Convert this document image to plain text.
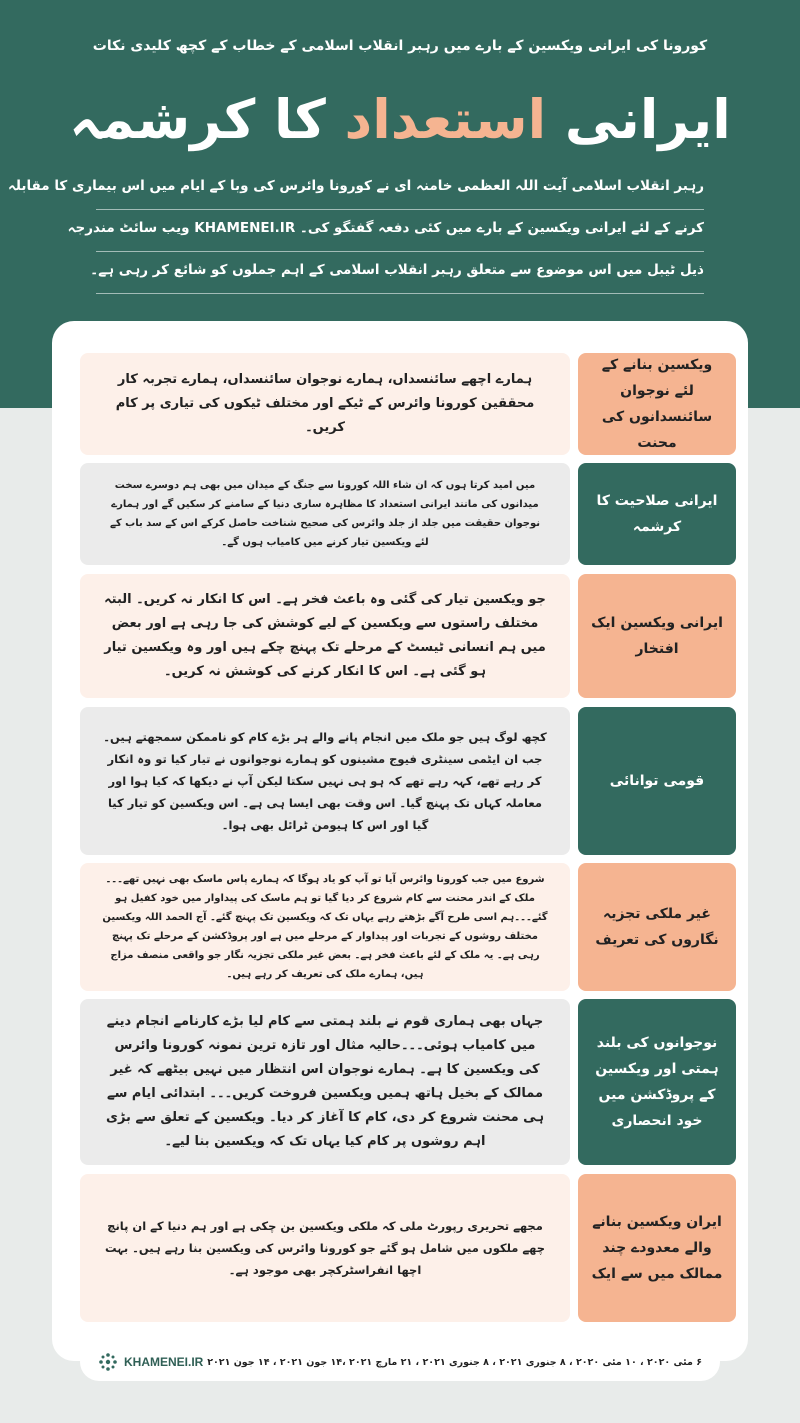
کورونا کی ایرانی ویکسین کے بارے میں رہبر انقلاب اسلامی کے خطاب کے کچھ کلیدی نکات
ایرانی استعداد کا کرشمہ
رہبر انقلاب اسلامی آیت اللہ العظمی خامنہ ای نے کورونا وائرس کی وبا کے ایام میں اس بیماری کا مقابلہ
کرنے کے لئے ایرانی ویکسین کے بارے میں کئی دفعہ گفتگو کی۔ KHAMENEI.IR ویب سائٹ مندرجہ
ذیل ٹیبل میں اس موضوع سے متعلق رہبر انقلاب اسلامی کے اہم جملوں کو شائع کر رہی ہے۔
ویکسین بنانے کے لئے نوجوان سائنسدانوں کی محنت
ہمارے اچھے سائنسداں، ہمارے نوجوان سائنسداں، ہمارے تجربہ کار محققین کورونا وائرس کے ٹیکے اور مختلف ٹیکوں کی تیاری پر کام کریں۔
ایرانی صلاحیت کا کرشمہ
میں امید کرتا ہوں کہ ان شاء اللہ کورونا سے جنگ کے میدان میں بھی ہم دوسرے سخت میدانوں کی مانند ایرانی استعداد کا مظاہرہ ساری دنیا کے سامنے کر سکیں گے اور ہمارے نوجوان حقیقت میں جلد از جلد وائرس کی صحیح شناخت حاصل کرکے اس کے سد باب کے لئے ویکسین تیار کرنے میں کامیاب ہوں گے۔
ایرانی ویکسین ایک افتخار
جو ویکسین تیار کی گئی وہ باعث فخر ہے۔ اس کا انکار نہ کریں۔ البتہ مختلف راستوں سے ویکسین کے لیے کوشش کی جا رہی ہے اور بعض میں ہم انسانی ٹیسٹ کے مرحلے تک پہنچ چکے ہیں اور وہ ویکسین تیار ہو گئی ہے۔ اس کا انکار کرنے کی کوشش نہ کریں۔
قومی توانائی
کچھ لوگ ہیں جو ملک میں انجام پانے والے ہر بڑے کام کو ناممکن سمجھتے ہیں۔ جب ان ایٹمی سینٹری فیوج مشینوں کو ہمارے نوجوانوں نے تیار کیا تو وہ انکار کر رہے تھے، کہہ رہے تھے کہ ہو ہی نہیں سکتا لیکن آپ نے دیکھا کہ کیا ہوا اور معاملہ کہاں تک پہنچ گیا۔ اس وقت بھی ایسا ہی ہے۔ اس ویکسین کو تیار کیا گیا اور اس کا ہیومن ٹرائل بھی ہوا۔
غیر ملکی تجزیہ نگاروں کی تعریف
شروع میں جب کورونا وائرس آیا تو آپ کو یاد ہوگا کہ ہمارے پاس ماسک بھی نہیں تھے۔۔۔ ملک کے اندر محنت سے کام شروع کر دیا گیا تو ہم ماسک کی پیداوار میں خود کفیل ہو گئے۔۔۔ہم اسی طرح آگے بڑھتے رہے یہاں تک کہ ویکسین تک پہنچ گئے۔ آج الحمد اللہ ویکسین مختلف روشوں کے تجربات اور پیداوار کے مرحلے میں ہے اور پروڈکشن کے مرحلے تک پہنچ رہی ہے۔ یہ ملک کے لئے باعث فخر ہے۔ بعض غیر ملکی تجزیہ نگار جو واقعی منصف مزاج ہیں، ہمارے ملک کی تعریف کر رہے ہیں۔
نوجوانوں کی بلند ہمتی اور ویکسین کے پروڈکشن میں خود انحصاری
جہاں بھی ہماری قوم نے بلند ہمتی سے کام لیا بڑے کارنامے انجام دینے میں کامیاب ہوئی۔۔۔حالیہ مثال اور تازہ ترین نمونہ کورونا وائرس کی ویکسین کا ہے۔ ہمارے نوجوان اس انتظار میں نہیں بیٹھے کہ غیر ممالک کے بخیل ہاتھ ہمیں ویکسین فروخت کریں۔۔۔ ابتدائی ایام سے ہی محنت شروع کر دی، کام کا آغاز کر دیا۔ ویکسین کے تعلق سے بڑی اہم روشوں پر کام کیا یہاں تک کہ ویکسین بنا لیے۔
ایران ویکسین بنانے والے معدودے چند ممالک میں سے ایک
مجھے تحریری رپورٹ ملی کہ ملکی ویکسین بن چکی ہے اور ہم دنیا کے ان پانچ چھے ملکوں میں شامل ہو گئے جو کورونا وائرس کی ویکسین بنا رہے ہیں۔ بہت اچھا انفراسٹرکچر بھی موجود ہے۔
۶ مئی ۲۰۲۰ ، ۱۰ مئی ۲۰۲۰ ، ۸ جنوری ۲۰۲۱ ، ۸ جنوری ۲۰۲۱ ، ۲۱ مارچ ۲۰۲۱ ،۱۴ جون ۲۰۲۱ ، ۱۴ جون ۲۰۲۱
KHAMENEI.IR
